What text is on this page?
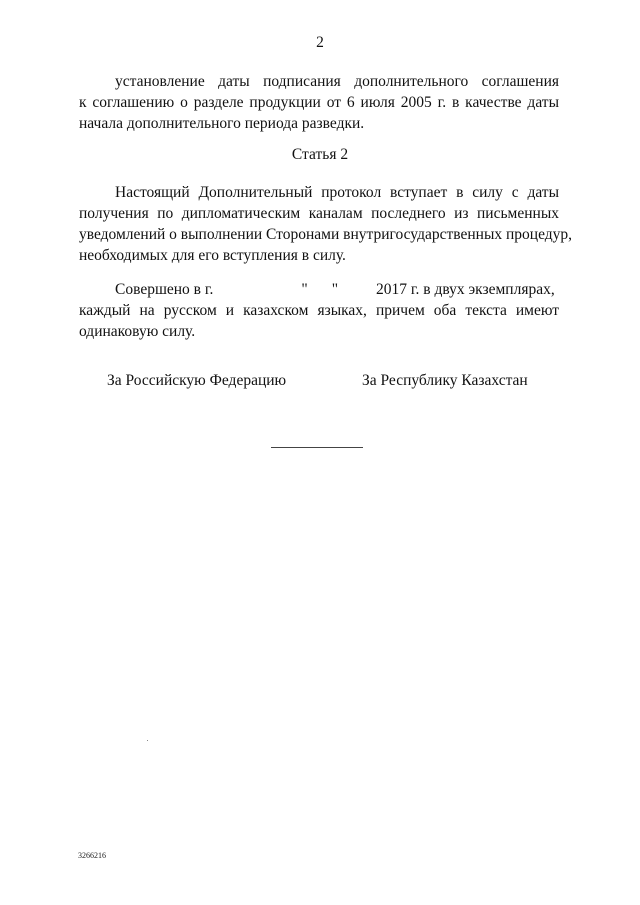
2
установление даты подписания дополнительного соглашения
к соглашению о разделе продукции от 6 июля 2005 г. в качестве даты
начала дополнительного периода разведки.
Статья 2
Настоящий Дополнительный протокол вступает в силу с даты
получения по дипломатическим каналам последнего из письменных
уведомлений о выполнении Сторонами внутригосударственных процедур,
необходимых для его вступления в силу.
Совершено в г.	" " 2017 г. в двух экземплярах,
каждый на русском и казахском языках, причем оба текста имеют
одинаковую силу.
За Российскую Федерацию	За Республику Казахстан
3266216
